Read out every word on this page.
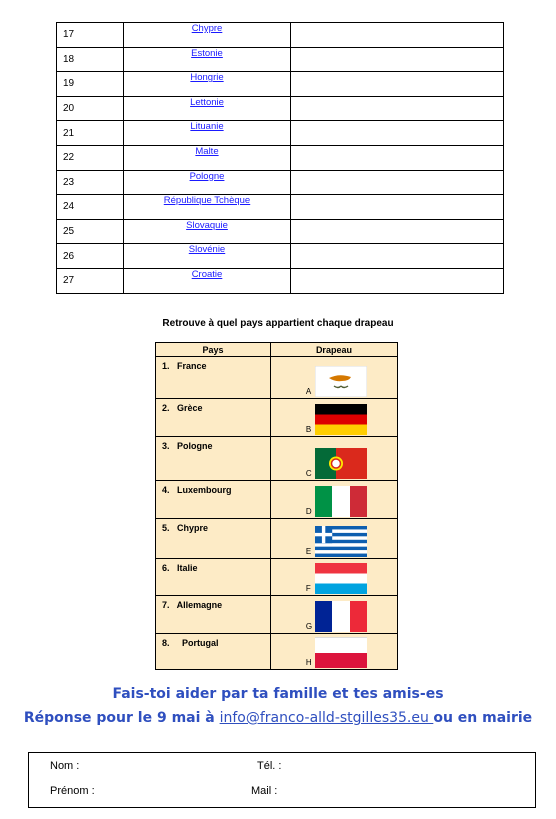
17	Chypre	
18	Estonie	
19	Hongrie	
20	Lettonie	
21	Lituanie	
22	Malte	
23	Pologne	
24	République Tchèque	
25	Slovaquie	
26	Slovénie	
27	Croatie	
Retrouve à quel pays appartient chaque drapeau
Pays	Drapeau
1.   France	A

2.   Grèce	B

3.   Pologne	C

4.   Luxembourg	D

5.   Chypre	E

6.   Italie	F

7.   Allemagne	G

8.     Portugal	H
Fais-toi aider par ta famille et tes amis-es
Réponse pour le 9 mai à info@franco-alld-stgilles35.eu ou en mairie
Nom :	Tél. :
Prénom :	Mail :
